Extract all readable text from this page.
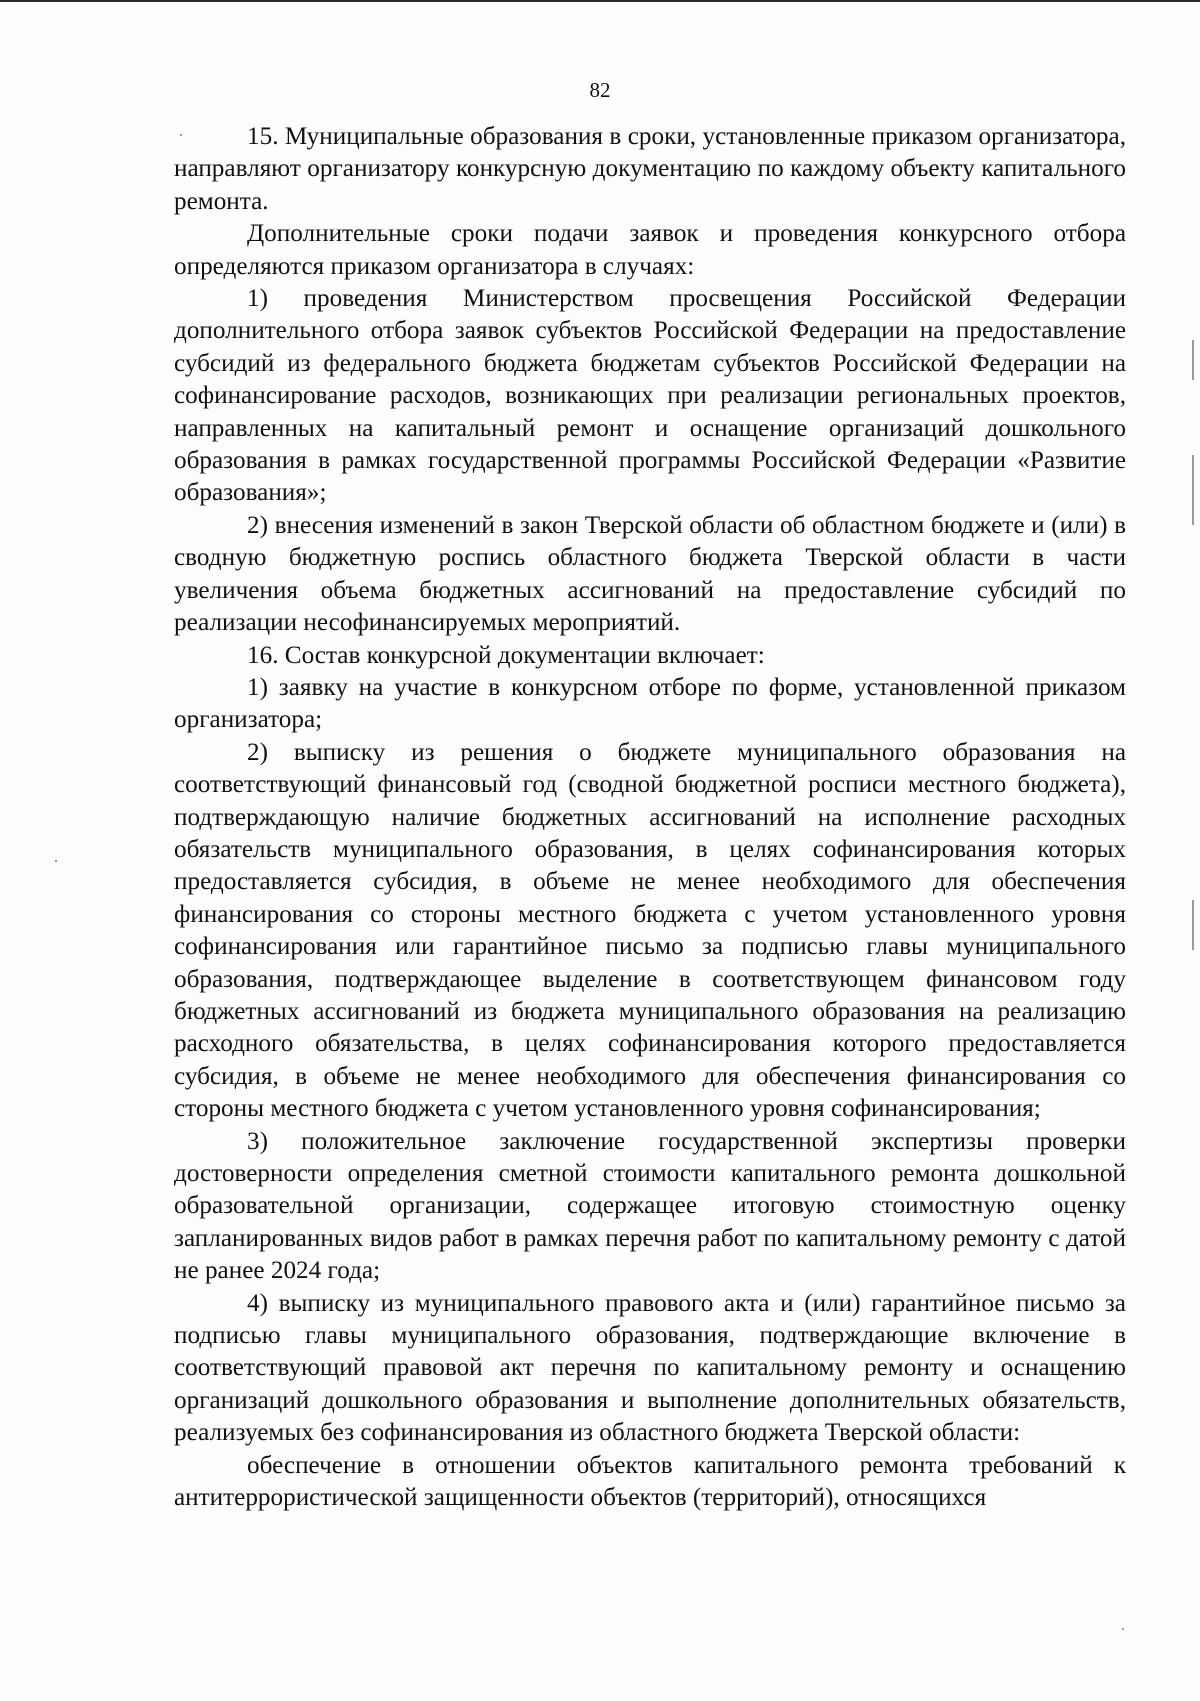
82

15. Муниципальные образования в сроки, установленные приказом организатора, направляют организатору конкурсную документацию по каждому объекту капитального ремонта.

Дополнительные сроки подачи заявок и проведения конкурсного отбора определяются приказом организатора в случаях:

1) проведения Министерством просвещения Российской Федерации дополнительного отбора заявок субъектов Российской Федерации на предоставление субсидий из федерального бюджета бюджетам субъектов Российской Федерации на софинансирование расходов, возникающих при реализации региональных проектов, направленных на капитальный ремонт и оснащение организаций дошкольного образования в рамках государственной программы Российской Федерации «Развитие образования»;

2) внесения изменений в закон Тверской области об областном бюджете и (или) в сводную бюджетную роспись областного бюджета Тверской области в части увеличения объема бюджетных ассигнований на предоставление субсидий по реализации несофинансируемых мероприятий.

16. Состав конкурсной документации включает:

1) заявку на участие в конкурсном отборе по форме, установленной приказом организатора;

2) выписку из решения о бюджете муниципального образования на соответствующий финансовый год (сводной бюджетной росписи местного бюджета), подтверждающую наличие бюджетных ассигнований на исполнение расходных обязательств муниципального образования, в целях софинансирования которых предоставляется субсидия, в объеме не менее необходимого для обеспечения финансирования со стороны местного бюджета с учетом установленного уровня софинансирования или гарантийное письмо за подписью главы муниципального образования, подтверждающее выделение в соответствующем финансовом году бюджетных ассигнований из бюджета муниципального образования на реализацию расходного обязательства, в целях софинансирования которого предоставляется субсидия, в объеме не менее необходимого для обеспечения финансирования со стороны местного бюджета с учетом установленного уровня софинансирования;

3) положительное заключение государственной экспертизы проверки достоверности определения сметной стоимости капитального ремонта дошкольной образовательной организации, содержащее итоговую стоимостную оценку запланированных видов работ в рамках перечня работ по капитальному ремонту с датой не ранее 2024 года;

4) выписку из муниципального правового акта и (или) гарантийное письмо за подписью главы муниципального образования, подтверждающие включение в соответствующий правовой акт перечня по капитальному ремонту и оснащению организаций дошкольного образования и выполнение дополнительных обязательств, реализуемых без софинансирования из областного бюджета Тверской области:

обеспечение в отношении объектов капитального ремонта требований к антитеррористической защищенности объектов (территорий), относящихся
